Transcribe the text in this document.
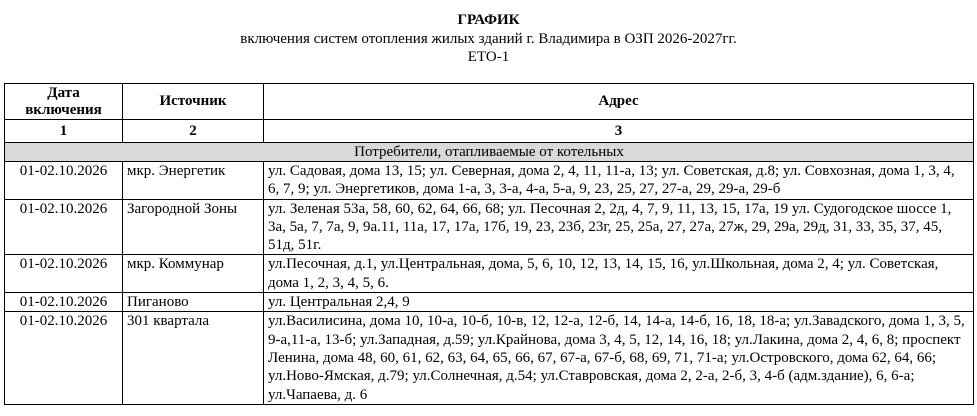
ГРАФИК
включения систем отопления жилых зданий г. Владимира в ОЗП 2026-2027гг.
ЕТО-1
Дата включения	Источник	Адрес
1	2	3
Потребители, отапливаемые от котельных		
01-02.10.2026	мкр. Энергетик	ул. Садовая, дома 13, 15; ул. Северная, дома 2, 4, 11, 11-а, 13; ул. Советская, д.8; ул. Совхозная, дома 1, 3, 4, 6, 7, 9; ул. Энергетиков, дома 1-а, 3, 3-а, 4-а, 5-а, 9, 23, 25, 27, 27-а, 29, 29-а, 29-б
01-02.10.2026	Загородной Зоны	ул. Зеленая 53а, 58, 60, 62, 64, 66, 68; ул. Песочная 2, 2д, 4, 7, 9, 11, 13, 15, 17а, 19 ул. Судогодское шоссе 1, 3а, 5а, 7, 7а, 9, 9а.11, 11а, 17, 17а, 17б, 19, 23, 23б, 23г, 25, 25а, 27, 27а, 27ж, 29, 29а, 29д, 31, 33, 35, 37, 45, 51д, 51г.
01-02.10.2026	мкр. Коммунар	ул.Песочная, д.1, ул.Центральная, дома, 5, 6, 10, 12, 13, 14, 15, 16, ул.Школьная, дома 2, 4; ул. Советская, дома 1, 2, 3, 4, 5, 6.
01-02.10.2026	Пиганово	ул. Центральная 2,4, 9
01-02.10.2026	301 квартала	ул.Василисина, дома 10, 10-а, 10-б, 10-в, 12, 12-а, 12-б, 14, 14-а, 14-б, 16, 18, 18-а; ул.Завадского, дома 1, 3, 5, 9-а,11-а, 13-б; ул.Западная, д.59; ул.Крайнова, дома 3, 4, 5, 12, 14, 16, 18; ул.Лакина, дома 2, 4, 6, 8; проспект Ленина, дома 48, 60, 61, 62, 63, 64, 65, 66, 67, 67-а, 67-б, 68, 69, 71, 71-а; ул.Островского, дома 62, 64, 66; ул.Ново-Ямская, д.79; ул.Солнечная, д.54; ул.Ставровская, дома 2, 2-а, 2-б, 3, 4-б (адм.здание), 6, 6-а; ул.Чапаева, д. 6
